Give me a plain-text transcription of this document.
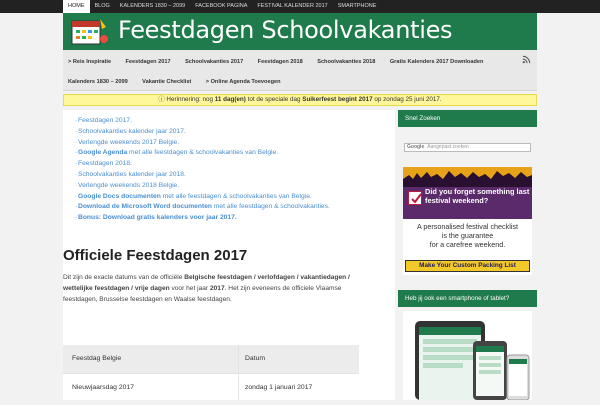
HOME	BLOG	KALENDERS 1830 – 2099	FACEBOOK PAGINA	FESTIVAL KALENDER 2017	SMARTPHONE
Feestdagen Schoolvakanties
> Reis Inspiratie	Feestdagen 2017	Schoolvakanties 2017	Feestdagen 2018	Schoolvakanties 2018	Gratis Kalenders 2017 Downloaden
Kalenders 1830 – 2099	Vakantie Checklist	> Online Agenda Toevoegen
ⓘ Herinnering: nog 11 dag(en) tot de speciale dag Suikerfeest begint 2017 op zondag 25 juni 2017.
·Feestdagen 2017.
·Schoolvakanties kalender jaar 2017.
·Verlengde weekends 2017 Belgie.
·Google Agenda met alle feestdagen & schoolvakanties van Belgie.
·Feestdagen 2018.
·Schoolvakanties kalender jaar 2018.
·Verlengde weekends 2018 Belgie.
·Google Docs documenten met alle feestdagen & schoolvakanties van Belgie.
·Download de Microsoft Word documenten met alle feestdagen & schoolvakanties.
·Bonus: Download gratis kalenders voor jaar 2017.
Officiele Feestdagen 2017

Dit zijn de exacte datums van de officiële Belgische feestdagen / verlofdagen / vakantiedagen / wettelijke feestdagen / vrije dagen voor het jaar 2017. Het zijn eveneens de officiele Vlaamse feestdagen, Brusselse feestdagen en Waalse feestdagen.

Feestdag Belgie	Datum
Nieuwjaarsdag 2017	zondag 1 januari 2017
Snel Zoeken
Google Aangepast zoeken
Did you forget something last festival weekend?
A personalised festival checklist
is the guarantee
for a carefree weekend.
Make Your Custom Packing List
Heb jij ook een smartphone of tablet?
